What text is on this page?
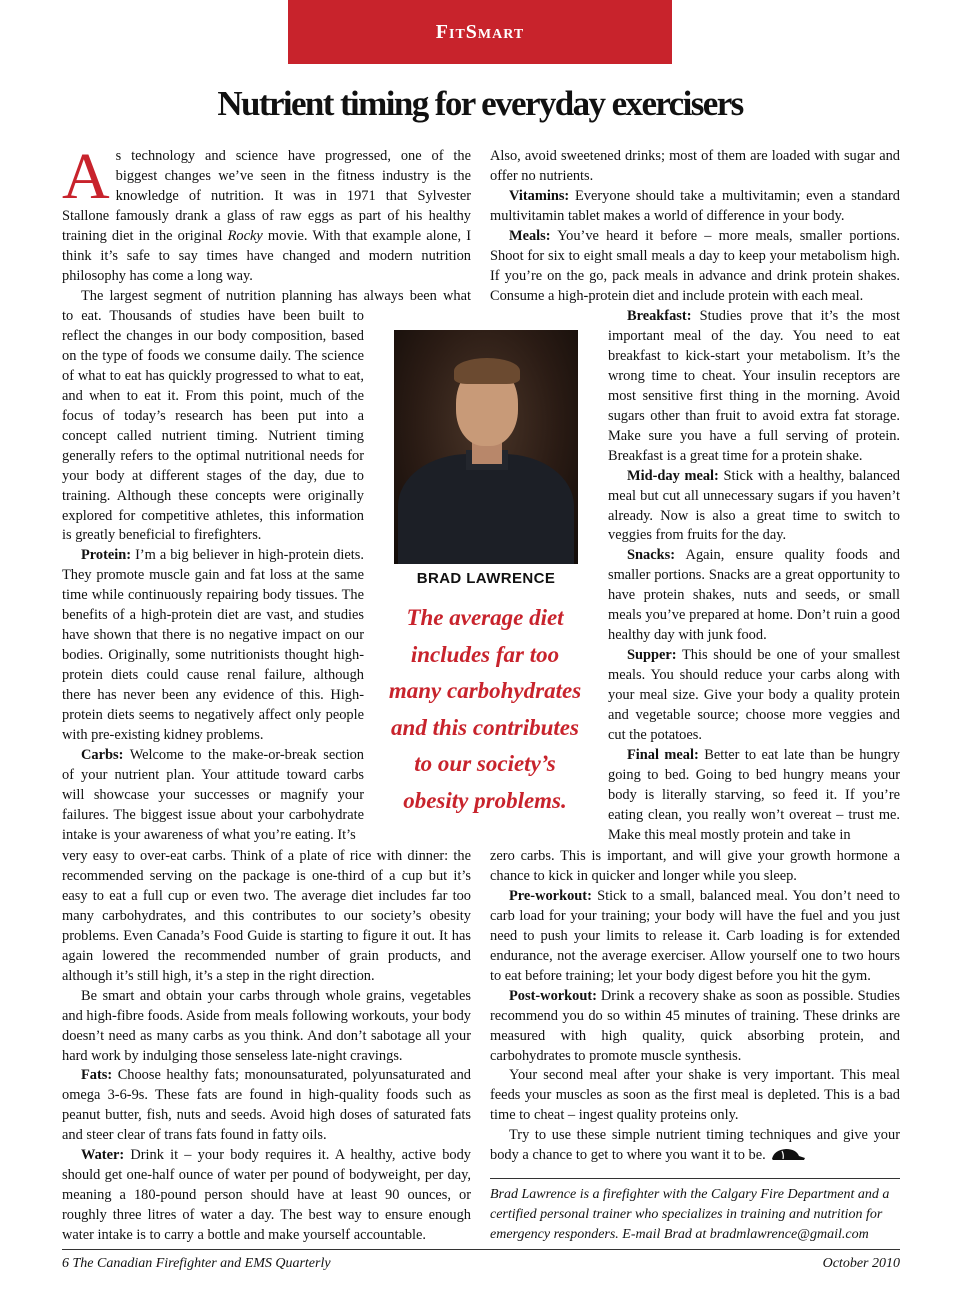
FitSmart
Nutrient timing for everyday exercisers
A s technology and science have progressed, one of the
biggest changes we’ve seen in the fitness industry is the
knowledge of nutrition. It was in 1971 that Sylvester

Stallone famously drank a glass of raw eggs as part of his healthy training diet in the original Rocky movie. With that example alone, I think it’s safe to say times have changed and modern nutrition philosophy has come a long way.

The largest segment of nutrition planning has always been what

to eat. Thousands of studies have been built to reflect the changes in our body composition, based on the type of foods we consume daily. The science of what to eat has quickly progressed to what to eat, and when to eat it. From this point, much of the focus of today’s research has been put into a concept called nutrient timing. Nutrient timing generally refers to the optimal nutritional needs for your body at different stages of the day, due to training. Although these concepts were originally explored for competitive athletes, this information is greatly beneficial to firefighters.

Protein: I’m a big believer in high-protein diets. They promote muscle gain and fat loss at the same time while continuously repairing body tissues. The benefits of a high-protein diet are vast, and studies have shown that there is no negative impact on our bodies. Originally, some nutritionists thought high-protein diets could cause renal failure, although there has never been any evidence of this. High-protein diets seems to negatively affect only people with pre-existing kidney problems.

Carbs: Welcome to the make-or-break section of your nutrient plan. Your attitude toward carbs will showcase your successes or magnify your failures. The biggest issue about your carbohydrate intake is your awareness of what you’re eating. It’s

very easy to over-eat carbs. Think of a plate of rice with dinner: the recommended serving on the package is one-third of a cup but it’s easy to eat a full cup or even two. The average diet includes far too many carbohydrates, and this contributes to our society’s obesity problems. Even Canada’s Food Guide is starting to figure it out. It has again lowered the recommended number of grain products, and although it’s still high, it’s a step in the right direction.

Be smart and obtain your carbs through whole grains, vegetables and high-fibre foods. Aside from meals following workouts, your body doesn’t need as many carbs as you think. And don’t sabotage all your hard work by indulging those senseless late-night cravings.

Fats: Choose healthy fats; monounsaturated, polyunsaturated and omega 3-6-9s. These fats are found in high-quality foods such as peanut butter, fish, nuts and seeds. Avoid high doses of saturated fats and steer clear of trans fats found in fatty oils.

Water: Drink it – your body requires it. A healthy, active body should get one-half ounce of water per pound of bodyweight, per day, meaning a 180-pound person should have at least 90 ounces, or roughly three litres of water a day. The best way to ensure enough water intake is to carry a bottle and make yourself accountable.

BRAD LAWRENCE
The average diet
includes far too
many carbohydrates
and this contributes
to our society’s
obesity problems.

Also, avoid sweetened drinks; most of them are loaded with sugar and offer no nutrients.

Vitamins: Everyone should take a multivitamin; even a standard multivitamin tablet makes a world of difference in your body.

Meals: You’ve heard it before – more meals, smaller portions. Shoot for six to eight small meals a day to keep your metabolism high. If you’re on the go, pack meals in advance and drink protein shakes. Consume a high-protein diet and include protein with each meal.

Breakfast: Studies prove that it’s the most important meal of the day. You need to eat breakfast to kick-start your metabolism. It’s the wrong time to cheat. Your insulin receptors are most sensitive first thing in the morning. Avoid sugars other than fruit to avoid extra fat storage. Make sure you have a full serving of protein. Breakfast is a great time for a protein shake.

Mid-day meal: Stick with a healthy, balanced meal but cut all unnecessary sugars if you haven’t already. Now is also a great time to switch to veggies from fruits for the day.

Snacks: Again, ensure quality foods and smaller portions. Snacks are a great opportunity to have protein shakes, nuts and seeds, or small meals you’ve prepared at home. Don’t ruin a good healthy day with junk food.

Supper: This should be one of your smallest meals. You should reduce your carbs along with your meal size. Give your body a quality protein and vegetable source; choose more veggies and cut the potatoes.

Final meal: Better to eat late than be hungry going to bed. Going to bed hungry means your body is literally starving, so feed it. If you’re eating clean, you really won’t overeat – trust me. Make this meal mostly protein and take in

zero carbs. This is important, and will give your growth hormone a chance to kick in quicker and longer while you sleep.

Pre-workout: Stick to a small, balanced meal. You don’t need to carb load for your training; your body will have the fuel and you just need to push your limits to release it. Carb loading is for extended endurance, not the average exerciser. Allow yourself one to two hours to eat before training; let your body digest before you hit the gym.

Post-workout: Drink a recovery shake as soon as possible. Studies recommend you do so within 45 minutes of training. These drinks are measured with high quality, quick absorbing protein, and carbohydrates to promote muscle synthesis.

Your second meal after your shake is very important. This meal feeds your muscles as soon as the first meal is depleted. This is a bad time to cheat – ingest quality proteins only.

Try to use these simple nutrient timing techniques and give your body a chance to get to where you want it to be.

Brad Lawrence is a firefighter with the Calgary Fire Department and a
certified personal trainer who specializes in training and nutrition for
emergency responders. E-mail Brad at bradmlawrence@gmail.com
6 The Canadian Firefighter and EMS Quarterly	October 2010
